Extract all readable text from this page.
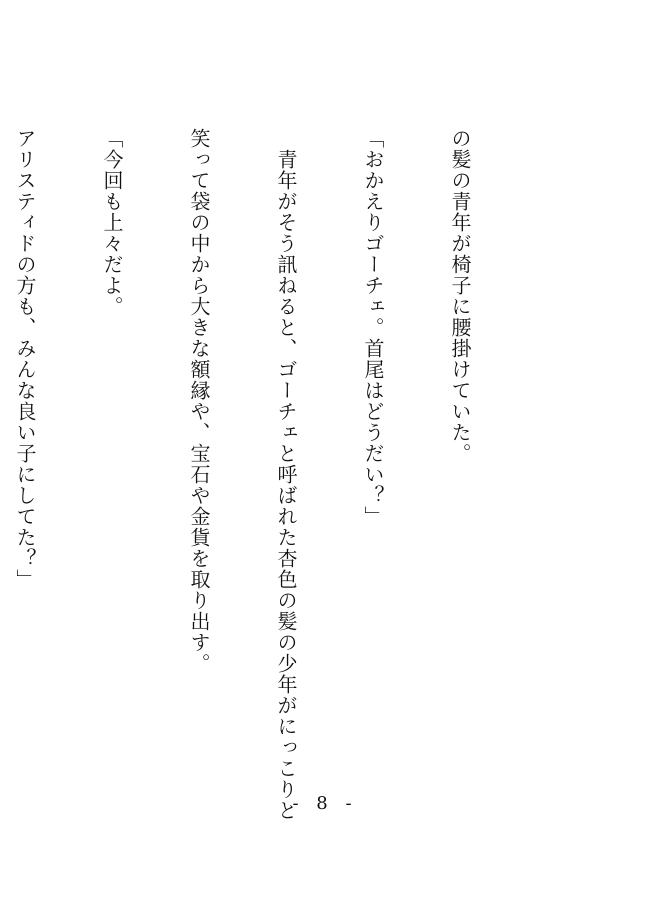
の髪の青年が椅子に腰掛けていた。

「おかえりゴーチェ。首尾はどうだい？」

　青年がそう訊ねると、ゴーチェと呼ばれた杏色の髪の少年がにっこりと

笑って袋の中から大きな額縁や、宝石や金貨を取り出す。

「今回も上々だよ。

アリスティドの方も、みんな良い子にしてた？」

- 8 -
